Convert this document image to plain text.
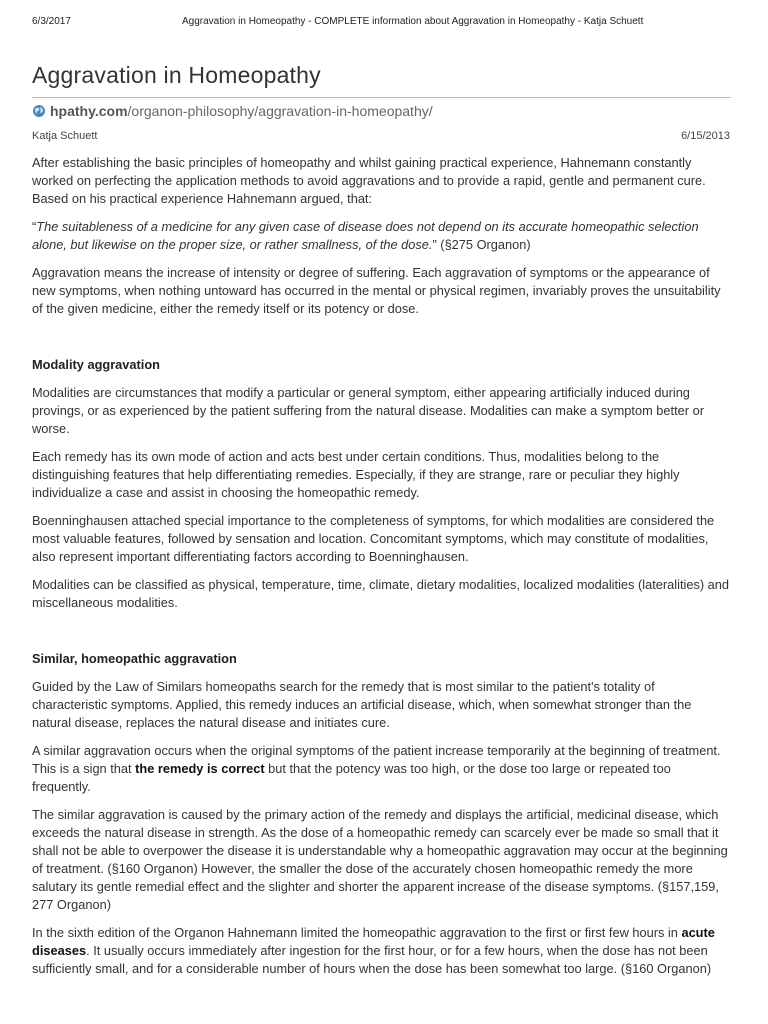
6/3/2017	Aggravation in Homeopathy - COMPLETE information about Aggravation in Homeopathy - Katja Schuett
Aggravation in Homeopathy
hpathy.com /organon-philosophy/aggravation-in-homeopathy/
Katja Schuett	6/15/2013

After establishing the basic principles of homeopathy and whilst gaining practical experience, Hahnemann constantly worked on perfecting the application methods to avoid aggravations and to provide a rapid, gentle and permanent cure. Based on his practical experience Hahnemann argued, that:

“The suitableness of a medicine for any given case of disease does not depend on its accurate homeopathic selection alone, but likewise on the proper size, or rather smallness, of the dose.” (§275 Organon)

Aggravation means the increase of intensity or degree of suffering. Each aggravation of symptoms or the appearance of new symptoms, when nothing untoward has occurred in the mental or physical regimen, invariably proves the unsuitability of the given medicine, either the remedy itself or its potency or dose.

Modality aggravation

Modalities are circumstances that modify a particular or general symptom, either appearing artificially induced during provings, or as experienced by the patient suffering from the natural disease. Modalities can make a symptom better or worse.

Each remedy has its own mode of action and acts best under certain conditions. Thus, modalities belong to the distinguishing features that help differentiating remedies. Especially, if they are strange, rare or peculiar they highly individualize a case and assist in choosing the homeopathic remedy.

Boenninghausen attached special importance to the completeness of symptoms, for which modalities are considered the most valuable features, followed by sensation and location. Concomitant symptoms, which may constitute of modalities, also represent important differentiating factors according to Boenninghausen.

Modalities can be classified as physical, temperature, time, climate, dietary modalities, localized modalities (lateralities) and miscellaneous modalities.

Similar, homeopathic aggravation

Guided by the Law of Similars homeopaths search for the remedy that is most similar to the patient's totality of characteristic symptoms. Applied, this remedy induces an artificial disease, which, when somewhat stronger than the natural disease, replaces the natural disease and initiates cure.

A similar aggravation occurs when the original symptoms of the patient increase temporarily at the beginning of treatment. This is a sign that the remedy is correct but that the potency was too high, or the dose too large or repeated too frequently.

The similar aggravation is caused by the primary action of the remedy and displays the artificial, medicinal disease, which exceeds the natural disease in strength. As the dose of a homeopathic remedy can scarcely ever be made so small that it shall not be able to overpower the disease it is understandable why a homeopathic aggravation may occur at the beginning of treatment. (§160 Organon) However, the smaller the dose of the accurately chosen homeopathic remedy the more salutary its gentle remedial effect and the slighter and shorter the apparent increase of the disease symptoms. (§157,159, 277 Organon)

In the sixth edition of the Organon Hahnemann limited the homeopathic aggravation to the first or first few hours in acute diseases. It usually occurs immediately after ingestion for the first hour, or for a few hours, when the dose has not been sufficiently small, and for a considerable number of hours when the dose has been somewhat too large. (§160 Organon)
